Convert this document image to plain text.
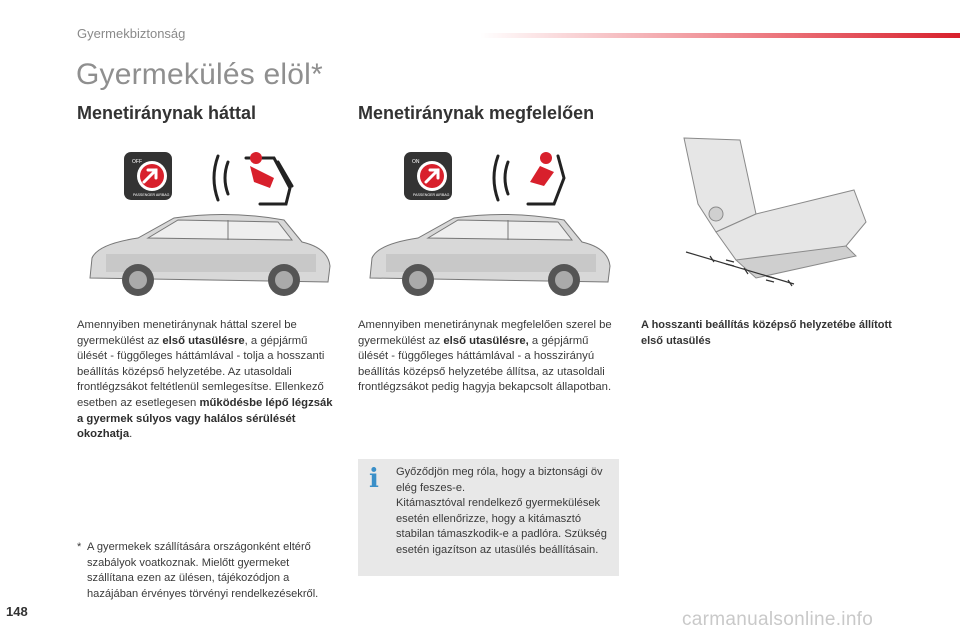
Gyermekbiztonság
Gyermekülés elöl*
Menetiránynak háttal	Menetiránynak megfelelően
OFF
PASSENGER AIRBAG
ON
PASSENGER AIRBAG
Amennyiben menetiránynak háttal szerel be gyermekülést az első utasülésre, a gépjármű ülését - függőleges háttámlával - tolja a hosszanti beállítás középső helyzetébe. Az utasoldali frontlégzsákot feltétlenül semlegesítse. Ellenkező esetben az esetlegesen működésbe lépő légzsák a gyermek súlyos vagy halálos sérülését okozhatja.
Amennyiben menetiránynak megfelelően szerel be gyermekülést az első utasülésre, a gépjármű ülését - függőleges háttámlával - a hosszirányú beállítás középső helyzetébe állítsa, az utasoldali frontlégzsákot pedig hagyja bekapcsolt állapotban.
A hosszanti beállítás középső helyzetébe állított első utasülés
i Győződjön meg róla, hogy a biztonsági öv elég feszes-e.

Kitámasztóval rendelkező gyermekülések esetén ellenőrizze, hogy a kitámasztó stabilan támaszkodik-e a padlóra. Szükség esetén igazítson az utasülés beállításain.

* A gyermekek szállítására országonként eltérő szabályok voatkoznak. Mielőtt gyermeket szállítana ezen az ülésen, tájékozódjon a hazájában érvényes törvényi rendelkezésekről.
148	carmanualsonline.info
